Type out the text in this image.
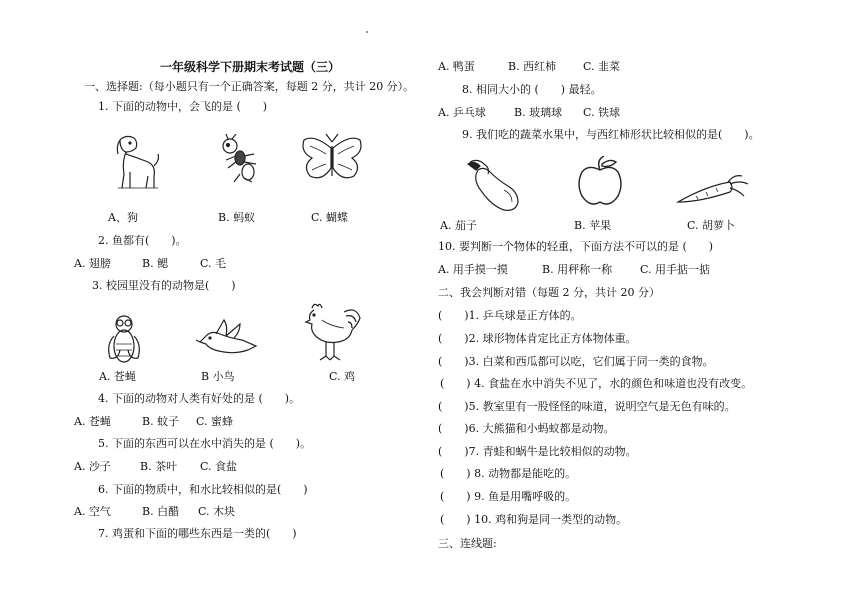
一年级科学下册期末考试题（三）
一、选择题:（每小题只有一个正确答案，每题 2 分，共计 20 分）。
1. 下面的动物中，会飞的是 (　　)
A、狗	B. 蚂蚁	C. 蝴蝶
2. 鱼都有(　　)。
A. 翅膀	B. 鳃	C. 毛
3. 校园里没有的动物是(　　)
A. 苍蝇	B 小鸟	C. 鸡
4. 下面的动物对人类有好处的是 (　　)。
A. 苍蝇	B. 蚊子 C. 蜜蜂
5. 下面的东西可以在水中消失的是 (　　)。
A. 沙子	B. 茶叶 C. 食盐
6. 下面的物质中，和水比较相似的是(　　)
A. 空气	B. 白醋 C. 木块
7. 鸡蛋和下面的哪些东西是一类的(　　)
A. 鸭蛋	B. 西红柿 C. 韭菜
8. 相同大小的 (　　) 最轻。
A. 乒乓球	B. 玻璃球 C. 铁球
9. 我们吃的蔬菜水果中，与西红柿形状比较相似的是(　　)。
A. 茄子	B. 苹果	C. 胡萝卜
10. 要判断一个物体的轻重，下面方法不可以的是 (　　)
A. 用手摸一摸	B. 用秤称一称	C. 用手掂一掂
二、我会判断对错（每题 2 分，共计 20 分）
(　　)1. 乒乓球是正方体的。
(　　)2. 球形物体肯定比正方体物体重。
(　　)3. 白菜和西瓜都可以吃，它们属于同一类的食物。
(　　) 4. 食盐在水中消失不见了，水的颜色和味道也没有改变。
(　　)5. 教室里有一股怪怪的味道，说明空气是无色有味的。
(　　)6. 大熊猫和小蚂蚁都是动物。
(　　)7. 青蛙和蜗牛是比较相似的动物。
(　　) 8. 动物都是能吃的。
(　　) 9. 鱼是用嘴呼吸的。
(　　) 10. 鸡和狗是同一类型的动物。
三、连线题:
